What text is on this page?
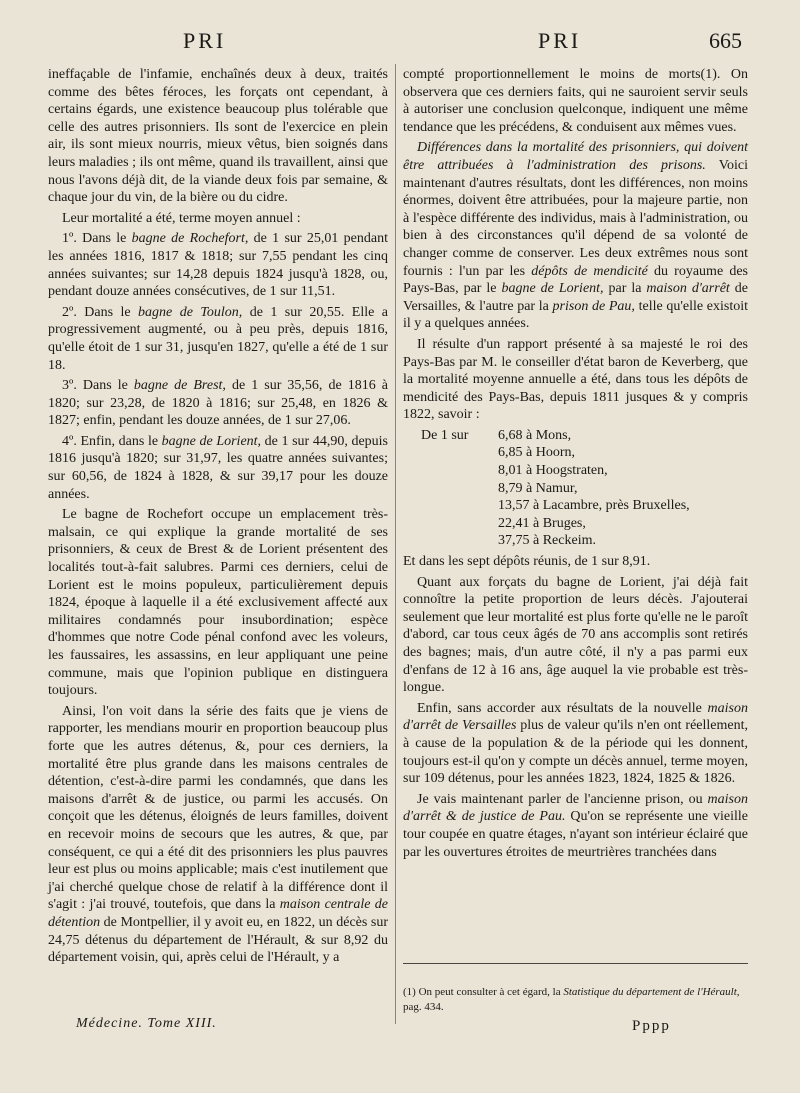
PRI	PRI	665

ineffaçable de l'infamie, enchaînés deux à deux, traités comme des bêtes féroces, les forçats ont cependant, à certains égards, une existence beaucoup plus tolérable que celle des autres prisonniers. Ils sont de l'exercice en plein air, ils sont mieux nourris, mieux vêtus, bien soignés dans leurs maladies ; ils ont même, quand ils travaillent, ainsi que nous l'avons déjà dit, de la viande deux fois par semaine, & chaque jour du vin, de la bière ou du cidre.

Leur mortalité a été, terme moyen annuel :

1º. Dans le bagne de Rochefort, de 1 sur 25,01 pendant les années 1816, 1817 & 1818; sur 7,55 pendant les cinq années suivantes; sur 14,28 depuis 1824 jusqu'à 1828, ou, pendant douze années consécutives, de 1 sur 11,51.

2º. Dans le bagne de Toulon, de 1 sur 20,55. Elle a progressivement augmenté, ou à peu près, depuis 1816, qu'elle étoit de 1 sur 31, jusqu'en 1827, qu'elle a été de 1 sur 18.

3º. Dans le bagne de Brest, de 1 sur 35,56, de 1816 à 1820; sur 23,28, de 1820 à 1816; sur 25,48, en 1826 & 1827; enfin, pendant les douze années, de 1 sur 27,06.

4º. Enfin, dans le bagne de Lorient, de 1 sur 44,90, depuis 1816 jusqu'à 1820; sur 31,97, les quatre années suivantes; sur 60,56, de 1824 à 1828, & sur 39,17 pour les douze années.

Le bagne de Rochefort occupe un emplacement très-malsain, ce qui explique la grande mortalité de ses prisonniers, & ceux de Brest & de Lorient présentent des localités tout-à-fait salubres. Parmi ces derniers, celui de Lorient est le moins populeux, particulièrement depuis 1824, époque à laquelle il a été exclusivement affecté aux militaires condamnés pour insubordination; espèce d'hommes que notre Code pénal confond avec les voleurs, les faussaires, les assassins, en leur appliquant une peine commune, mais que l'opinion publique en distinguera toujours.

Ainsi, l'on voit dans la série des faits que je viens de rapporter, les mendians mourir en proportion beaucoup plus forte que les autres détenus, &, pour ces derniers, la mortalité être plus grande dans les maisons centrales de détention, c'est-à-dire parmi les condamnés, que dans les maisons d'arrêt & de justice, ou parmi les accusés. On conçoit que les détenus, éloignés de leurs familles, doivent en recevoir moins de secours que les autres, & que, par conséquent, ce qui a été dit des prisonniers les plus pauvres leur est plus ou moins applicable; mais c'est inutilement que j'ai cherché quelque chose de relatif à la différence dont il s'agit : j'ai trouvé, toutefois, que dans la maison centrale de détention de Montpellier, il y avoit eu, en 1822, un décès sur 24,75 détenus du département de l'Hérault, & sur 8,92 du département voisin, qui, après celui de l'Hérault, y a

compté proportionnellement le moins de morts(1). On observera que ces derniers faits, qui ne sauroient servir seuls à autoriser une conclusion quelconque, indiquent une même tendance que les précédens, & conduisent aux mêmes vues.

Différences dans la mortalité des prisonniers, qui doivent être attribuées à l'administration des prisons. Voici maintenant d'autres résultats, dont les différences, non moins énormes, doivent être attribuées, pour la majeure partie, non à l'espèce différente des individus, mais à l'administration, ou bien à des circonstances qu'il dépend de sa volonté de changer comme de conserver. Les deux extrêmes nous sont fournis : l'un par les dépôts de mendicité du royaume des Pays-Bas, par le bagne de Lorient, par la maison d'arrêt de Versailles, & l'autre par la prison de Pau, telle qu'elle existoit il y a quelques années.

Il résulte d'un rapport présenté à sa majesté le roi des Pays-Bas par M. le conseiller d'état baron de Keverberg, que la mortalité moyenne annuelle a été, dans tous les dépôts de mendicité des Pays-Bas, depuis 1811 jusques & y compris 1822, savoir :

De 1 sur	6,68 à Mons,
6,85 à Hoorn,
8,01 à Hoogstraten,
8,79 à Namur,
13,57 à Lacambre, près Bruxelles,
22,41 à Bruges,
37,75 à Reckeim.

Et dans les sept dépôts réunis, de 1 sur 8,91.

Quant aux forçats du bagne de Lorient, j'ai déjà fait connoître la petite proportion de leurs décès. J'ajouterai seulement que leur mortalité est plus forte qu'elle ne le paroît d'abord, car tous ceux âgés de 70 ans accomplis sont retirés des bagnes; mais, d'un autre côté, il n'y a pas parmi eux d'enfans de 12 à 16 ans, âge auquel la vie probable est très-longue.

Enfin, sans accorder aux résultats de la nouvelle maison d'arrêt de Versailles plus de valeur qu'ils n'en ont réellement, à cause de la population & de la période qui les donnent, toujours est-il qu'on y compte un décès annuel, terme moyen, sur 109 détenus, pour les années 1823, 1824, 1825 & 1826.

Je vais maintenant parler de l'ancienne prison, ou maison d'arrêt & de justice de Pau. Qu'on se représente une vieille tour coupée en quatre étages, n'ayant son intérieur éclairé que par les ouvertures étroites de meurtrières tranchées dans

(1) On peut consulter à cet égard, la Statistique du département de l'Hérault, pag. 434.
Médecine. Tome XIII.	Pppp
